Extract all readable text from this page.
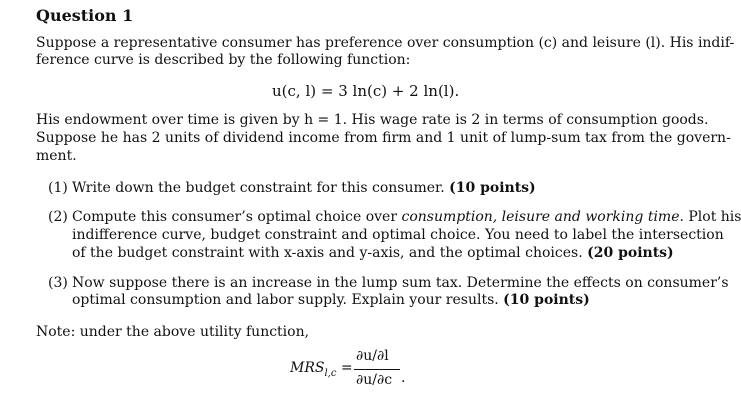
Question 1
Suppose a representative consumer has preference over consumption (c) and leisure (l). His indif-
ference curve is described by the following function:
u(c, l) = 3 ln(c) + 2 ln(l).
His endowment over time is given by h = 1. His wage rate is 2 in terms of consumption goods.
Suppose he has 2 units of dividend income from firm and 1 unit of lump-sum tax from the govern-
ment.
(1) Write down the budget constraint for this consumer. (10 points)
(2) Compute this consumer’s optimal choice over consumption, leisure and working time. Plot his
indifference curve, budget constraint and optimal choice. You need to label the intersection
of the budget constraint with x-axis and y-axis, and the optimal choices. (20 points)
(3) Now suppose there is an increase in the lump sum tax. Determine the effects on consumer’s
optimal consumption and labor supply. Explain your results. (10 points)
Note: under the above utility function,
$MRS_{l,c}$ =
∂u/∂l
∂u/∂c .
